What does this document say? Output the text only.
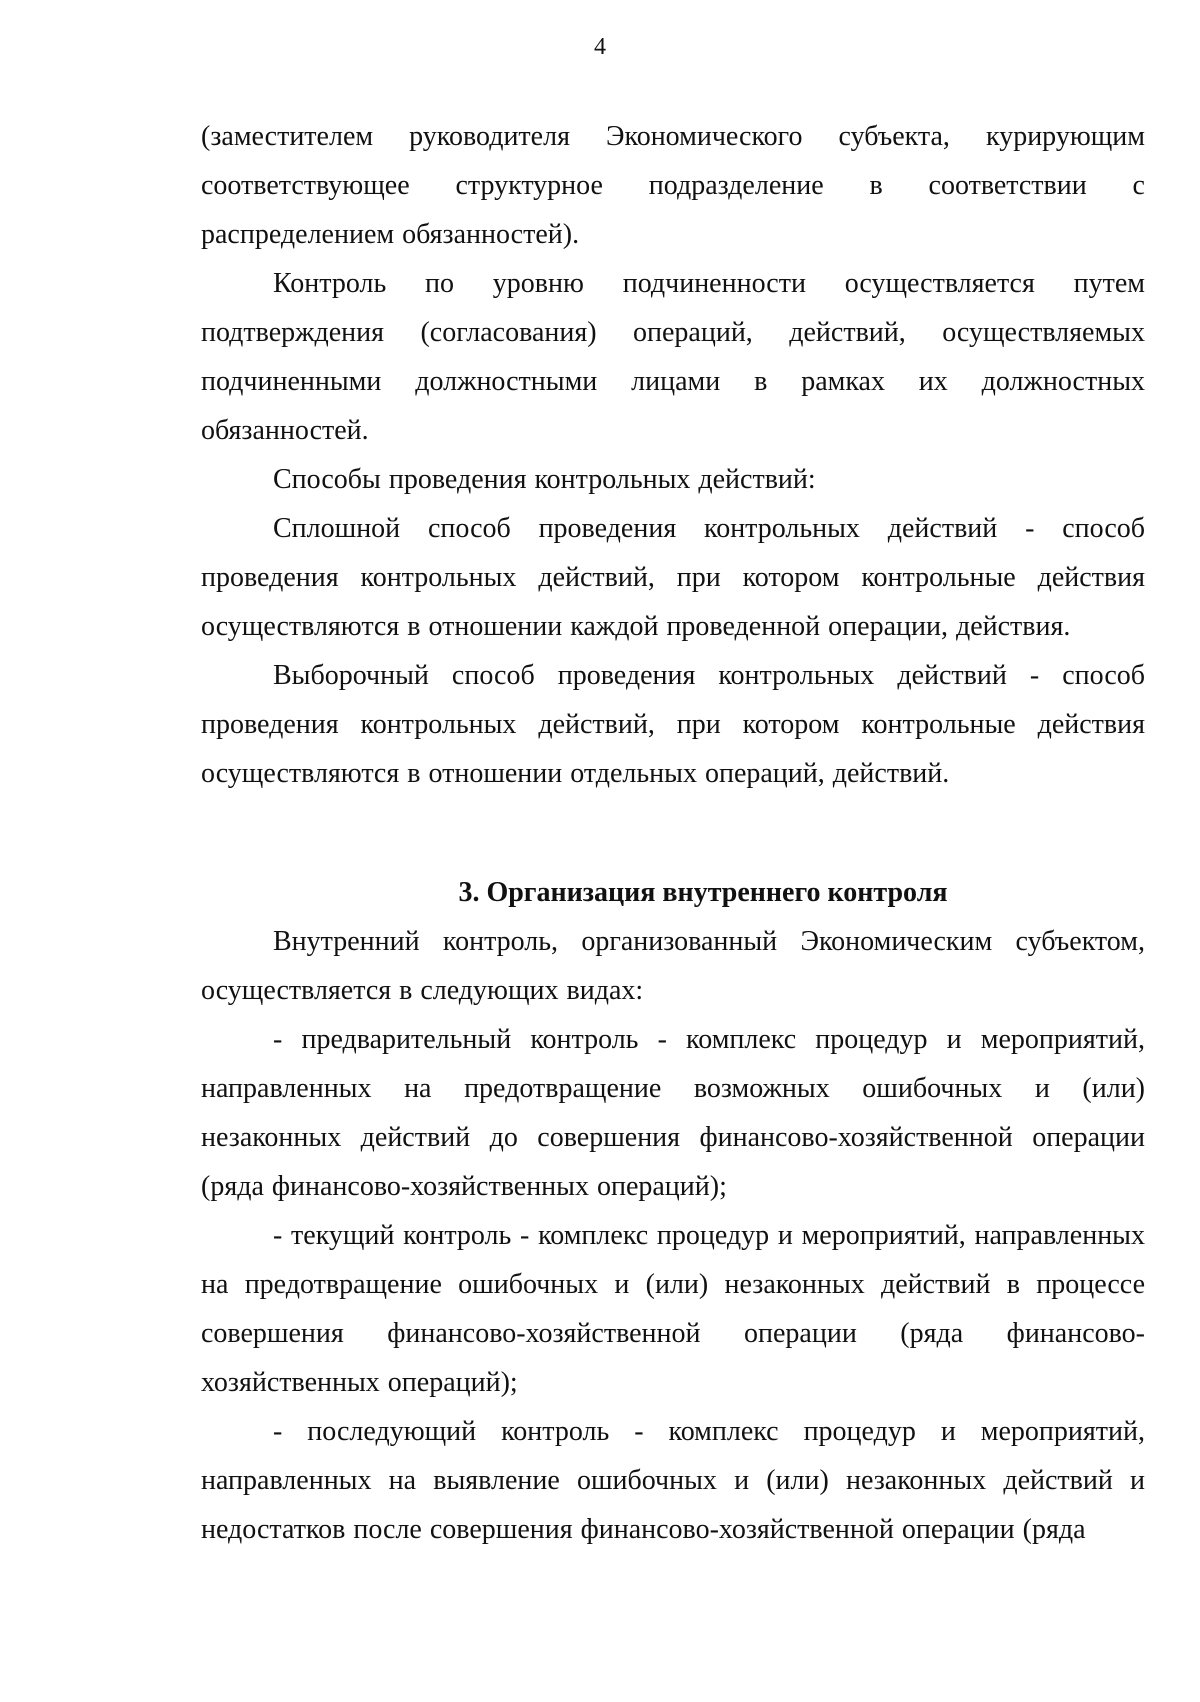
4

(заместителем руководителя Экономического субъекта, курирующим соответствующее структурное подразделение в соответствии с распределением обязанностей).

Контроль по уровню подчиненности осуществляется путем подтверждения (согласования) операций, действий, осуществляемых подчиненными должностными лицами в рамках их должностных обязанностей.

Способы проведения контрольных действий:

Сплошной способ проведения контрольных действий - способ проведения контрольных действий, при котором контрольные действия осуществляются в отношении каждой проведенной операции, действия.

Выборочный способ проведения контрольных действий - способ проведения контрольных действий, при котором контрольные действия осуществляются в отношении отдельных операций, действий.

3. Организация внутреннего контроля

Внутренний контроль, организованный Экономическим субъектом, осуществляется в следующих видах:

- предварительный контроль - комплекс процедур и мероприятий, направленных на предотвращение возможных ошибочных и (или) незаконных действий до совершения финансово-хозяйственной операции (ряда финансово-хозяйственных операций);

- текущий контроль - комплекс процедур и мероприятий, направленных на предотвращение ошибочных и (или) незаконных действий в процессе совершения финансово-хозяйственной операции (ряда финансово-хозяйственных операций);

- последующий контроль - комплекс процедур и мероприятий, направленных на выявление ошибочных и (или) незаконных действий и недостатков после совершения финансово-хозяйственной операции (ряда
